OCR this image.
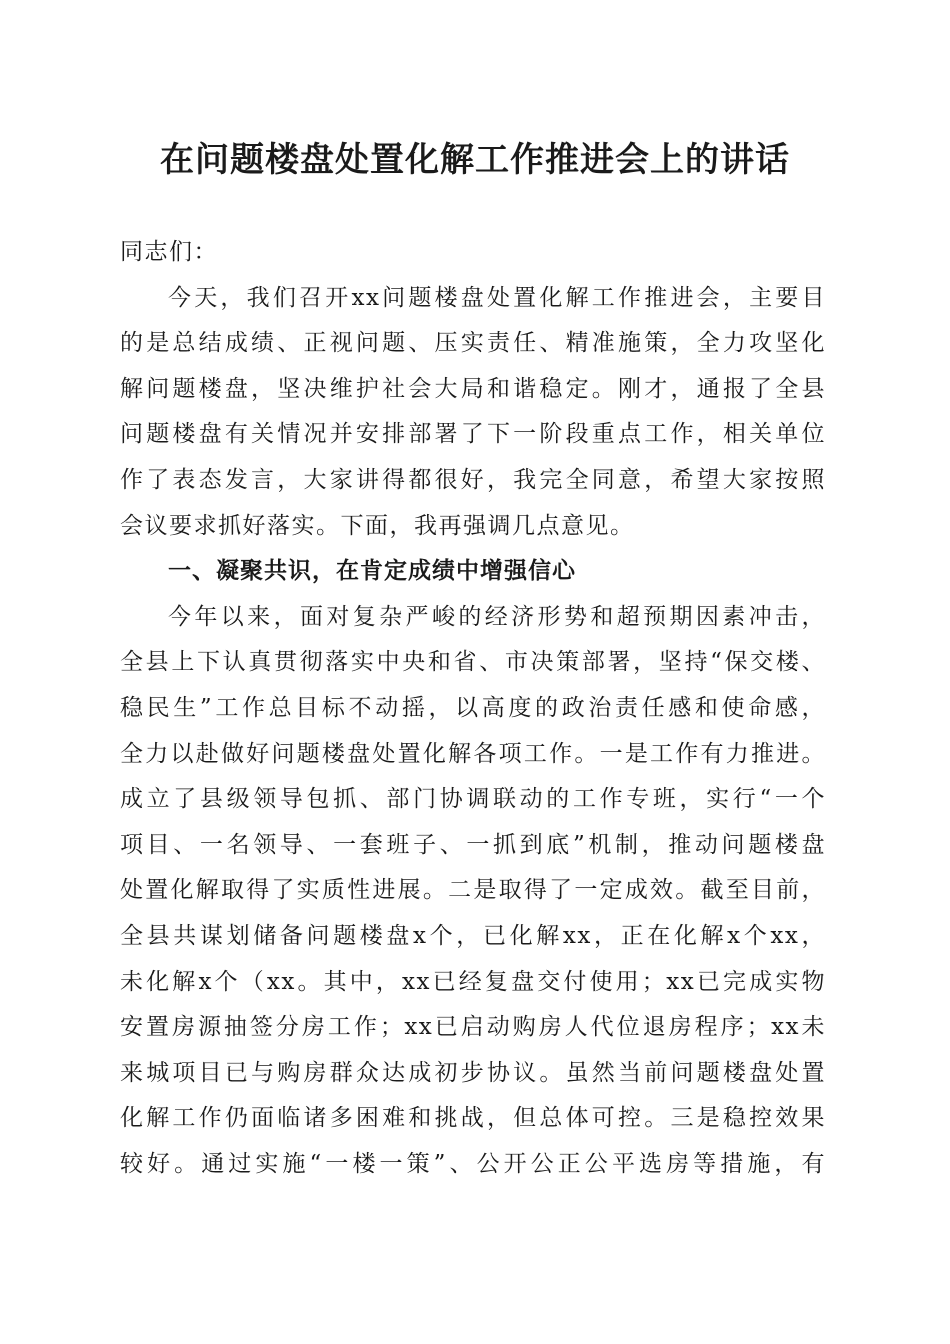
在问题楼盘处置化解工作推进会上的讲话
同志们：
今天，我们召开xx问题楼盘处置化解工作推进会，主要目
的是总结成绩、正视问题、压实责任、精准施策，全力攻坚化
解问题楼盘，坚决维护社会大局和谐稳定。刚才，通报了全县
问题楼盘有关情况并安排部署了下一阶段重点工作，相关单位
作了表态发言，大家讲得都很好，我完全同意，希望大家按照
会议要求抓好落实。下面，我再强调几点意见。
一、凝聚共识，在肯定成绩中增强信心
今年以来，面对复杂严峻的经济形势和超预期因素冲击，
全县上下认真贯彻落实中央和省、市决策部署，坚持“保交楼、
稳民生”工作总目标不动摇，以高度的政治责任感和使命感，
全力以赴做好问题楼盘处置化解各项工作。一是工作有力推进。
成立了县级领导包抓、部门协调联动的工作专班，实行“一个
项目、一名领导、一套班子、一抓到底”机制，推动问题楼盘
处置化解取得了实质性进展。二是取得了一定成效。截至目前，
全县共谋划储备问题楼盘x个，已化解xx，正在化解x个xx，
未化解x个（xx。其中，xx已经复盘交付使用；xx已完成实物
安置房源抽签分房工作；xx已启动购房人代位退房程序；xx未
来城项目已与购房群众达成初步协议。虽然当前问题楼盘处置
化解工作仍面临诸多困难和挑战，但总体可控。三是稳控效果
较好。通过实施“一楼一策”、公开公正公平选房等措施，有
